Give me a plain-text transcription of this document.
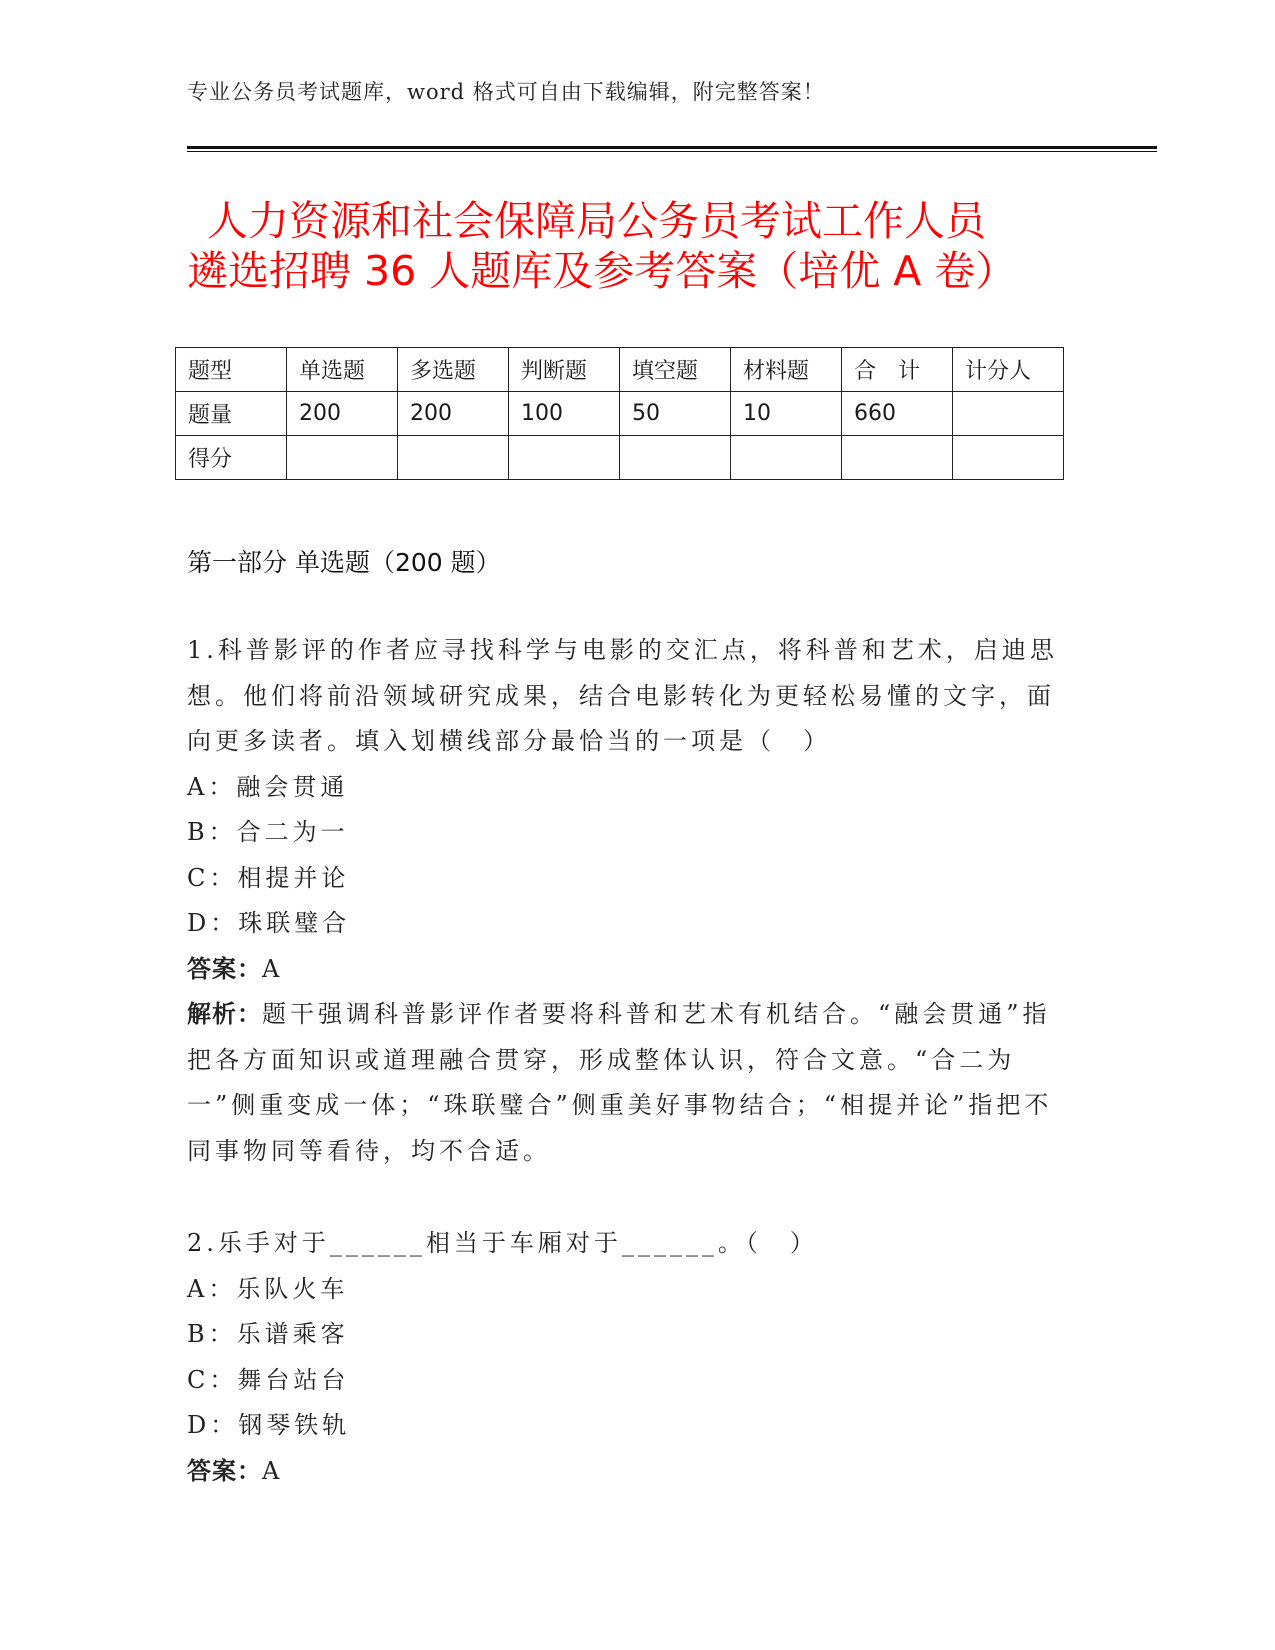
专业公务员考试题库，word 格式可自由下载编辑，附完整答案！
人力资源和社会保障局公务员考试工作人员
遴选招聘 36 人题库及参考答案（培优 A 卷）
题型	单选题	多选题	判断题	填空题	材料题	合　计	计分人
题量	200	200	100	50	10	660	
得分							
第一部分 单选题（200 题）
1.科普影评的作者应寻找科学与电影的交汇点，将科普和艺术，启迪思想。他们将前沿领域研究成果，结合电影转化为更轻松易懂的文字，面向更多读者。填入划横线部分最恰当的一项是（　）
A：融会贯通
B：合二为一
C：相提并论
D：珠联璧合
答案：A
解析：题干强调科普影评作者要将科普和艺术有机结合。“融会贯通”指把各方面知识或道理融合贯穿，形成整体认识，符合文意。“合二为一”侧重变成一体；“珠联璧合”侧重美好事物结合；“相提并论”指把不同事物同等看待，均不合适。
2.乐手对于______相当于车厢对于______。（　）
A：乐队火车
B：乐谱乘客
C：舞台站台
D：钢琴铁轨
答案：A
